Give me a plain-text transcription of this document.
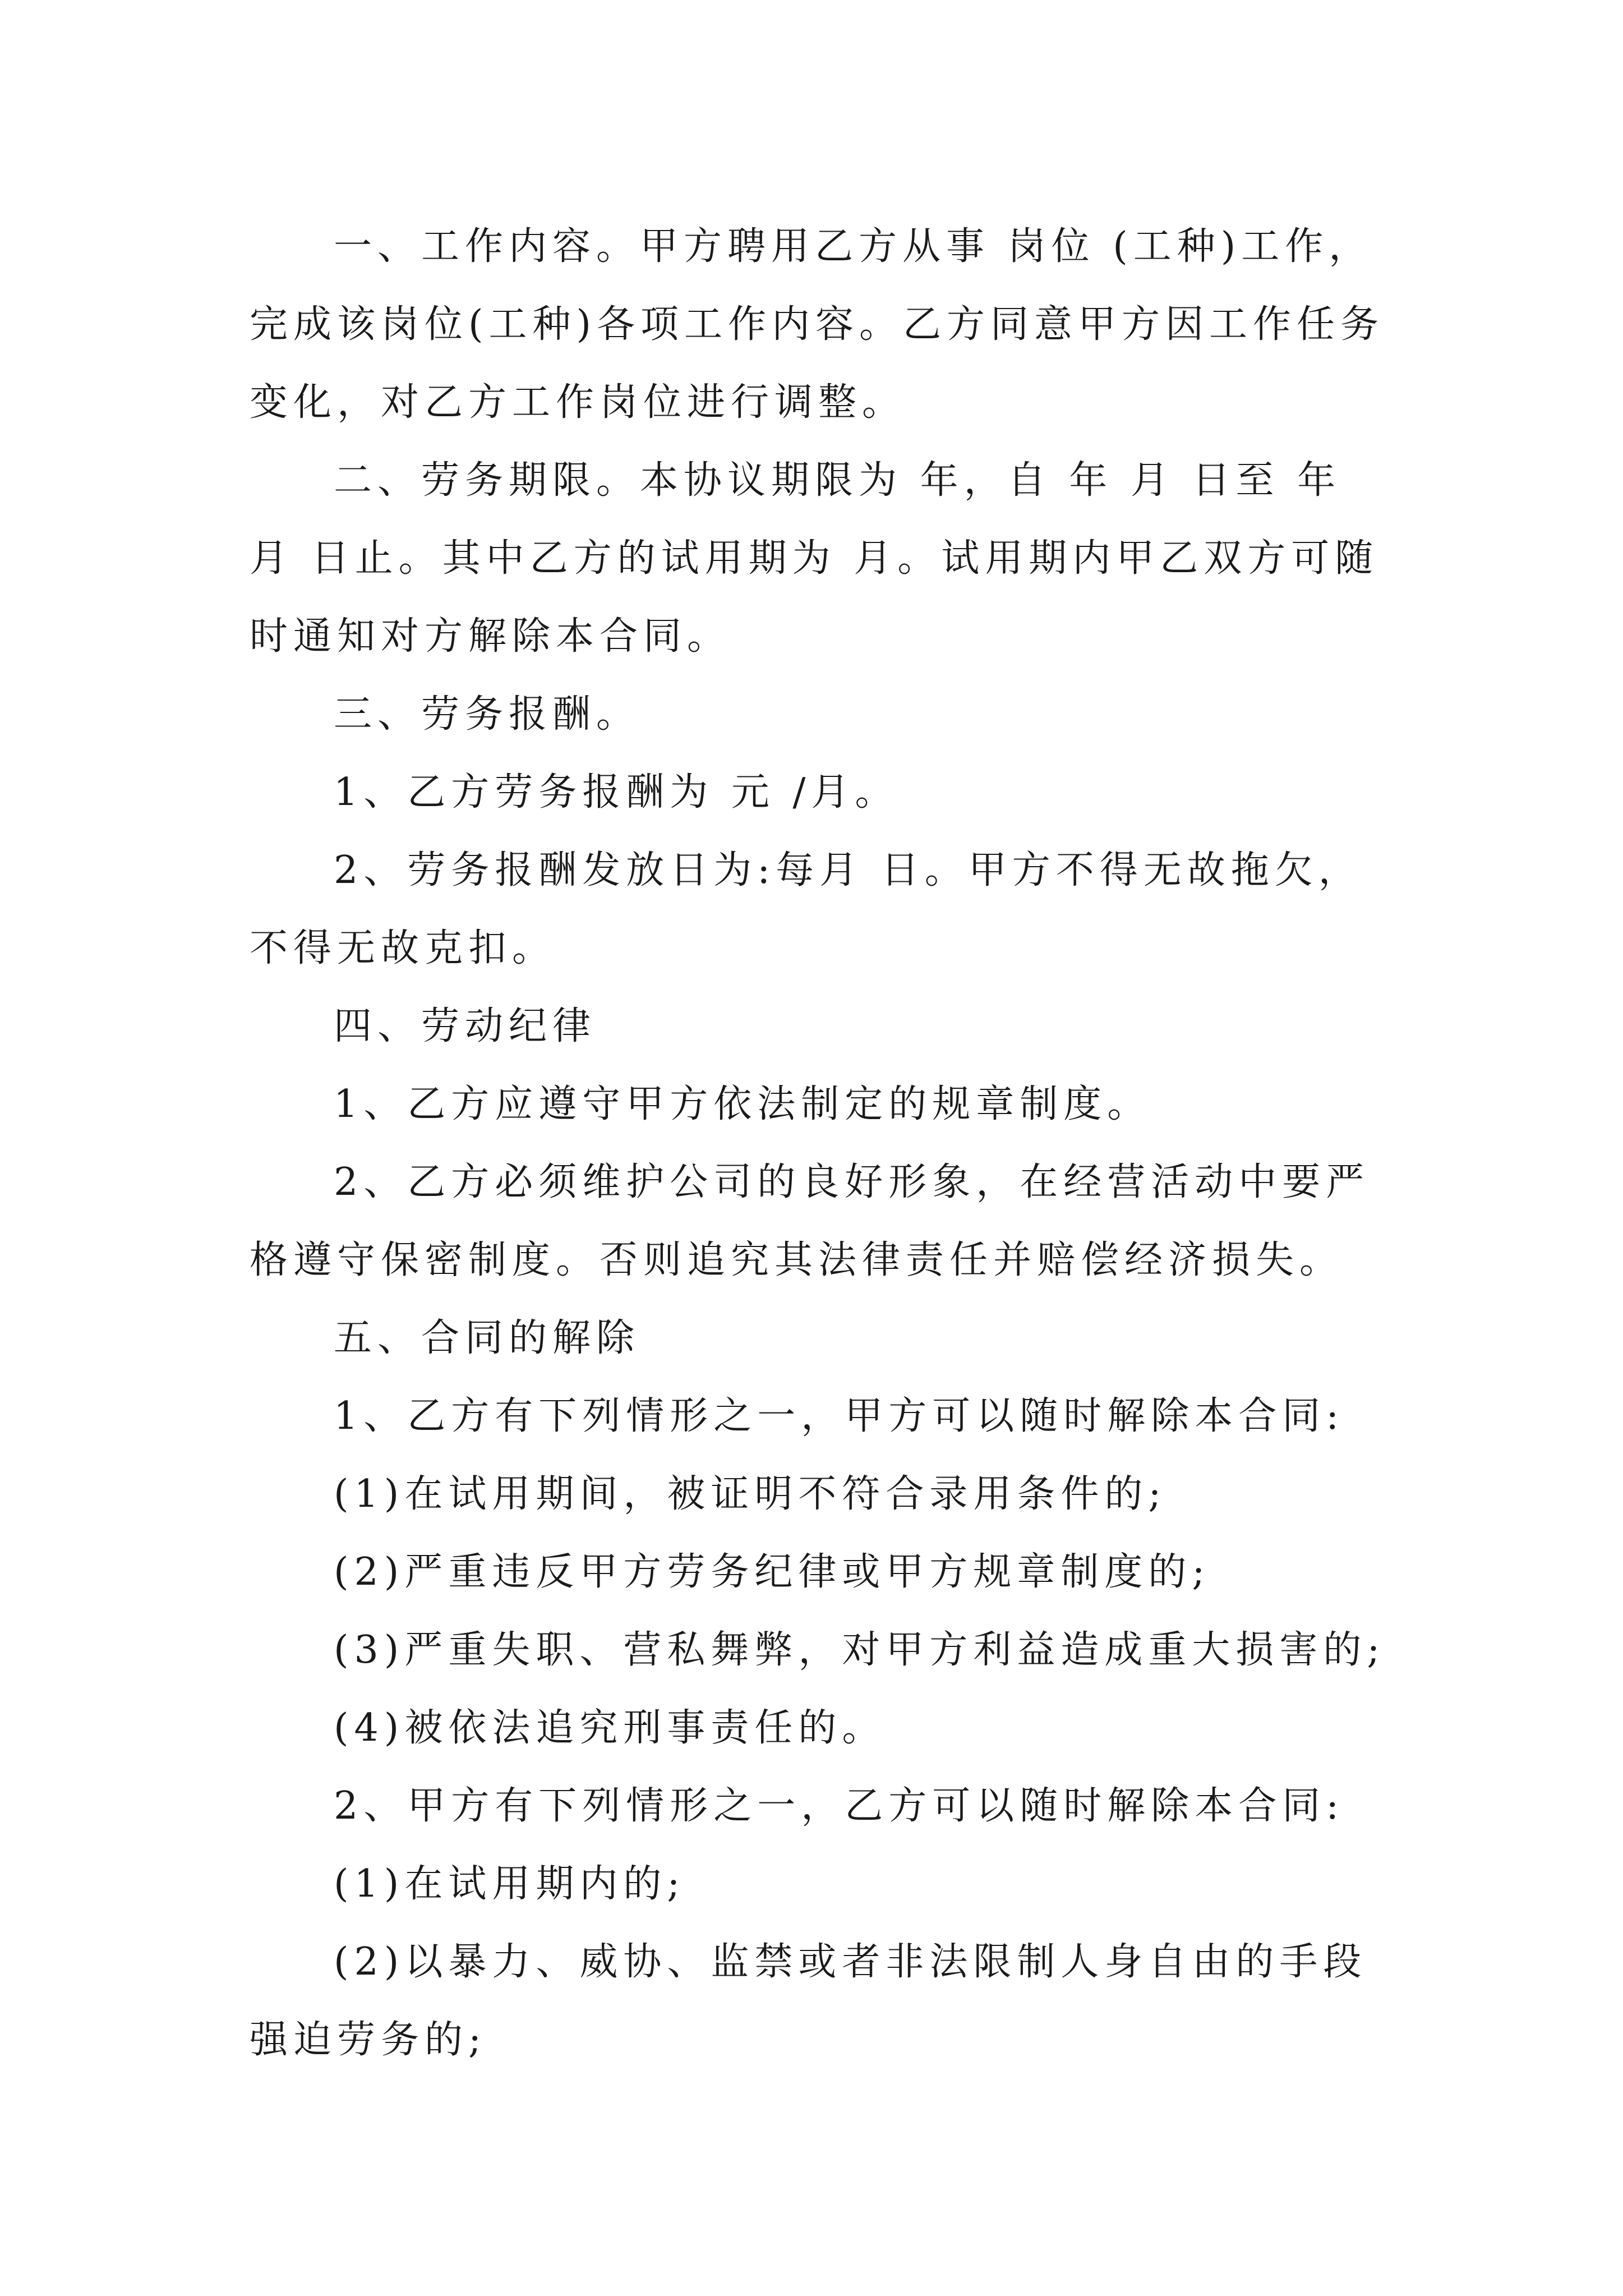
一、工作内容。甲方聘用乙方从事 岗位 (工种)工作，完成该岗位(工种)各项工作内容。乙方同意甲方因工作任务变化，对乙方工作岗位进行调整。

二、劳务期限。本协议期限为 年，自 年 月 日至 年 月 日止。其中乙方的试用期为 月。试用期内甲乙双方可随时通知对方解除本合同。

三、劳务报酬。

1、乙方劳务报酬为 元 /月。

2、劳务报酬发放日为:每月 日。甲方不得无故拖欠，不得无故克扣。

四、劳动纪律

1、乙方应遵守甲方依法制定的规章制度。

2、乙方必须维护公司的良好形象，在经营活动中要严格遵守保密制度。否则追究其法律责任并赔偿经济损失。

五、合同的解除

1、乙方有下列情形之一，甲方可以随时解除本合同:

(1)在试用期间，被证明不符合录用条件的;

(2)严重违反甲方劳务纪律或甲方规章制度的;

(3)严重失职、营私舞弊，对甲方利益造成重大损害的;

(4)被依法追究刑事责任的。

2、甲方有下列情形之一，乙方可以随时解除本合同:

(1)在试用期内的;

(2)以暴力、威协、监禁或者非法限制人身自由的手段强迫劳务的;
